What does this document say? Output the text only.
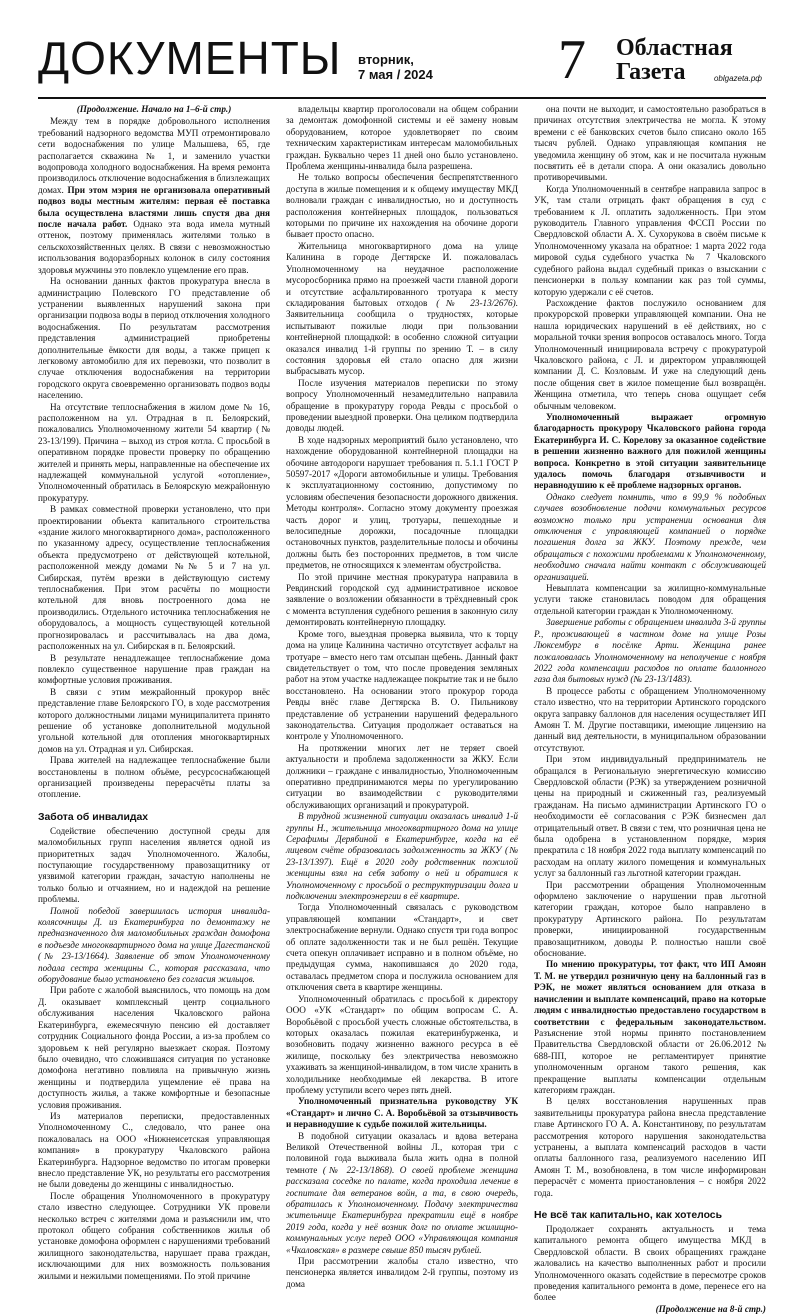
ДОКУМЕНТЫ вторник,
7 мая / 2024 7 Областная
Газета	oblgazeta.рф

(Продолжение. Начало на 1–6-й стр.)

Между тем в порядке добровольного исполнения требований надзорного ведомства МУП отремонтировало сети водоснабжения по улице Малышева, 65, где располагается скважина № 1, и заменило участки водопровода холодного водоснабжения. На время ремонта производилось отключение водоснабжения в близлежащих домах. При этом мэрия не организовала оперативный подвоз воды местным жителям: первая её поставка была осуществлена властями лишь спустя два дня после начала работ. Однако эта вода имела мутный оттенок, поэтому применялась жителями только в сельскохозяйственных целях. В связи с невозможностью использования водоразборных колонок в силу состояния здоровья мужчины это повлекло ущемление его прав.

На основании данных фактов прокуратура внесла в администрацию Полевского ГО представление об устранении выявленных нарушений закона при организации подвоза воды в период отключения холодного водоснабжения. По результатам рассмотрения представления администрацией приобретены дополнительные ёмкости для воды, а также прицеп к легковому автомобилю для их перевозки, что позволит в случае отключения водоснабжения на территории городского округа своевременно организовать подвоз воды населению.

На отсутствие теплоснабжения в жилом доме № 16, расположенном на ул. Отрадная в п. Белоярский, пожаловались Уполномоченному жители 54 квартир (№ 23-13/199). Причина – выход из строя котла. С просьбой в оперативном порядке провести проверку по обращению жителей и принять меры, направленные на обеспечение их надлежащей коммунальной услугой «отопление», Уполномоченный обратилась в Белоярскую межрайонную прокуратуру.

В рамках совместной проверки установлено, что при проектировании объекта капитального строительства «здание жилого многоквартирного дома», расположенного по указанному адресу, осуществление теплоснабжения объекта предусмотрено от действующей котельной, расположенной между домами №№ 5 и 7 на ул. Сибирская, путём врезки в действующую систему теплоснабжения. При этом расчёты по мощности котельной для вновь построенного дома не производились. Отдельного источника теплоснабжения не оборудовалось, а мощность существующей котельной прогнозировалась и рассчитывалась на два дома, расположенных на ул. Сибирская в п. Белоярский.

В результате ненадлежащее теплоснабжение дома повлекло существенное нарушение прав граждан на комфортные условия проживания.

В связи с этим межрайонный прокурор внёс представление главе Белоярского ГО, в ходе рассмотрения которого должностными лицами муниципалитета принято решение об установке дополнительной модульной угольной котельной для отопления многоквартирных домов на ул. Отрадная и ул. Сибирская.

Права жителей на надлежащее теплоснабжение были восстановлены в полном объёме, ресурсоснабжающей организацией произведены перерасчёты платы за отопление.

Забота об инвалидах

Содействие обеспечению доступной среды для маломобильных групп населения является одной из приоритетных задач Уполномоченного. Жалобы, поступающие государственному правозащитнику от уязвимой категории граждан, зачастую наполнены не только болью и отчаянием, но и надеждой на решение проблемы.

Полной победой завершилась история инвалида-колясочницы Д. из Екатеринбурга по демонтажу не предназначенного для маломобильных граждан домофона в подъезде многоквартирного дома на улице Дагестанской (№ 23-13/1664). Заявление об этом Уполномоченному подала сестра женщины С., которая рассказала, что оборудование было установлено без согласия жильцов.

При работе с жалобой выяснилось, что помощь на дом Д. оказывает комплексный центр социального обслуживания населения Чкаловского района Екатеринбурга, ежемесячную пенсию ей доставляет сотрудник Социального фонда России, а из-за проблем со здоровьем к ней регулярно выезжает скорая. Поэтому было очевидно, что сложившаяся ситуация по установке домофона негативно повлияла на привычную жизнь женщины и подтвердила ущемление её права на доступность жилья, а также комфортные и безопасные условия проживания.

Из материалов переписки, предоставленных Уполномоченному С., следовало, что ранее она пожаловалась на ООО «Нижнеисетская управляющая компания» в прокуратуру Чкаловского района Екатеринбурга. Надзорное ведомство по итогам проверки внесло представление УК, но результаты его рассмотрения не были доведены до женщины с инвалидностью.

После обращения Уполномоченного в прокуратуру стало известно следующее. Сотрудники УК провели несколько встреч с жителями дома и разъяснили им, что протокол общего собрания собственников жилья об установке домофона оформлен с нарушениями требований жилищного законодательства, нарушает права граждан, исключающими для них возможность пользования жилыми и нежилыми помещениями. По этой причине

владельцы квартир проголосовали на общем собрании за демонтаж домофонной системы и её замену новым оборудованием, которое удовлетворяет по своим техническим характеристикам интересам маломобильных граждан. Буквально через 11 дней оно было установлено. Проблема женщины-инвалида была разрешена.

Не только вопросы обеспечения беспрепятственного доступа в жилые помещения и к общему имуществу МКД волновали граждан с инвалидностью, но и доступность расположения контейнерных площадок, пользоваться которыми по причине их нахождения на обочине дороги бывает просто опасно.

Жительница многоквартирного дома на улице Калинина в городе Дегтярске И. пожаловалась Уполномоченному на неудачное расположение мусоросборника прямо на проезжей части главной дороги и отсутствие асфальтированного тротуара к месту складирования бытовых отходов (№ 23-13/2676). Заявительница сообщила о трудностях, которые испытывают пожилые люди при пользовании контейнерной площадкой: в особенно сложной ситуации оказался инвалид 1-й группы по зрению Т. – в силу состояния здоровья ей стало опасно для жизни выбрасывать мусор.

После изучения материалов переписки по этому вопросу Уполномоченный незамедлительно направила обращение в прокуратуру города Ревды с просьбой о проведении выездной проверки. Она целиком подтвердила доводы людей.

В ходе надзорных мероприятий было установлено, что нахождение оборудованной контейнерной площадки на обочине автодороги нарушает требования п. 5.1.1 ГОСТ Р 50597-2017 «Дороги автомобильные и улицы. Требования к эксплуатационному состоянию, допустимому по условиям обеспечения безопасности дорожного движения. Методы контроля». Согласно этому документу проезжая часть дорог и улиц, тротуары, пешеходные и велосипедные дорожки, посадочные площадки остановочных пунктов, разделительные полосы и обочины должны быть без посторонних предметов, в том числе предметов, не относящихся к элементам обустройства.

По этой причине местная прокуратура направила в Ревдинский городской суд административное исковое заявление о возложении обязанности в трёхдневный срок с момента вступления судебного решения в законную силу демонтировать контейнерную площадку.

Кроме того, выездная проверка выявила, что к торцу дома на улице Калинина частично отсутствует асфальт на тротуаре – вместо него там отсыпан щебень. Данный факт свидетельствует о том, что после проведения земляных работ на этом участке надлежащее покрытие так и не было восстановлено. На основании этого прокурор города Ревды внёс главе Дегтярска В. О. Пильникову представление об устранении нарушений федерального законодательства. Ситуация продолжает оставаться на контроле у Уполномоченного.

На протяжении многих лет не теряет своей актуальности и проблема задолженности за ЖКУ. Если должники – граждане с инвалидностью, Уполномоченным оперативно предпринимаются меры по урегулированию ситуации во взаимодействии с руководителями обслуживающих организаций и прокуратурой.

В трудной жизненной ситуации оказалась инвалид 1-й группы Н., жительница многоквартирного дома на улице Серафимы Дерябиной в Екатеринбурге, когда на её лицевом счёте образовалась задолженность за ЖКУ (№ 23-13/1397). Ещё в 2020 году родственник пожилой женщины взял на себя заботу о ней и обратился к Уполномоченному с просьбой о реструктуризации долга и подключении электроэнергии в её квартире.

Тогда Уполномоченный связалась с руководством управляющей компании «Стандарт», и свет электроснабжение вернули. Однако спустя три года вопрос об оплате задолженности так и не был решён. Текущие счета опекун оплачивает исправно и в полном объёме, но предыдущая сумма, накопившаяся до 2020 года, оставалась предметом спора и послужила основанием для отключения света в квартире женщины.

Уполномоченный обратилась с просьбой к директору ООО «УК «Стандарт» по общим вопросам С. А. Воробьёвой с просьбой учесть сложные обстоятельства, в которых оказалась пожилая екатеринбурженка, и возобновить подачу жизненно важного ресурса в её жилище, поскольку без электричества невозможно ухаживать за женщиной-инвалидом, в том числе хранить в холодильнике необходимые ей лекарства. В итоге проблему уступили всего через пять дней.

Уполномоченный признательна руководству УК «Стандарт» и лично С. А. Воробьёвой за отзывчивость и неравнодушие к судьбе пожилой жительницы.

В подобной ситуации оказалась и вдова ветерана Великой Отечественной войны Л., которая три с половиной года выживала была жить одна в полной темноте (№ 22-13/1868). О своей проблеме женщина рассказала соседке по палате, когда проходила лечение в госпитале для ветеранов войн, а та, в свою очередь, обратилась к Уполномоченному. Подачу электричества жительнице Екатеринбурга прекратили ещё в ноябре 2019 года, когда у неё возник долг по оплате жилищно-коммунальных услуг перед ООО «Управляющая компания «Чкаловская» в размере свыше 850 тысяч рублей.

При рассмотрении жалобы стало известно, что пенсионерка является инвалидом 2-й группы, поэтому из дома

она почти не выходит, и самостоятельно разобраться в причинах отсутствия электричества не могла. К этому времени с её банковских счетов было списано около 165 тысяч рублей. Однако управляющая компания не уведомила женщину об этом, как и не посчитала нужным посвятить её в детали спора. А они оказались довольно противоречивыми.

Когда Уполномоченный в сентябре направила запрос в УК, там стали отрицать факт обращения в суд с требованием к Л. оплатить задолженность. При этом руководитель Главного управления ФССП России по Свердловской области А. Х. Сухорукова в своём письме к Уполномоченному указала на обратное: 1 марта 2022 года мировой судья судебного участка № 7 Чкаловского судебного района выдал судебный приказ о взыскании с пенсионерки в пользу компании как раз той суммы, которую удержали с её счетов.

Расхождение фактов послужило основанием для прокурорской проверки управляющей компании. Она не нашла юридических нарушений в её действиях, но с моральной точки зрения вопросов оставалось много. Тогда Уполномоченный инициировала встречу с прокуратурой Чкаловского района, с Л. и директором управляющей компании Д. С. Козловым. И уже на следующий день после общения свет в жилое помещение был возвращён. Женщина отметила, что теперь снова ощущает себя обычным человеком.

Уполномоченный выражает огромную благодарность прокурору Чкаловского района города Екатеринбурга И. С. Кореловy за оказанное содействие в решении жизненно важного для пожилой женщины вопроса. Конкретно в этой ситуации заявительнице удалось помочь благодаря отзывчивости и неравнодушию к её проблеме надзорных органов.

Однако следует помнить, что в 99,9 % подобных случаев возобновление подачи коммунальных ресурсов возможно только при устранении основания для отключения с управляющей компанией о порядке погашения долга за ЖКУ. Поэтому прежде, чем обращаться с похожими проблемами к Уполномоченному, необходимо сначала найти контакт с обслуживающей организацией.

Невыплата компенсации за жилищно-коммунальные услуги также становилась поводом для обращения отдельной категории граждан к Уполномоченному.

Завершение работы с обращением инвалида 3-й группы Р., проживающей в частном доме на улице Розы Люксембург в посёлке Арти. Женщина ранее пожаловалась Уполномоченному на неполучение с ноября 2022 года компенсации расходов по оплате баллонного газа для бытовых нужд (№ 23-13/1483).

В процессе работы с обращением Уполномоченному стало известно, что на территории Артинского городского округа заправку баллонов для населения осуществляет ИП Амоян Т. М. Другие поставщики, имеющие лицензию на данный вид деятельности, в муниципальном образовании отсутствуют.

При этом индивидуальный предприниматель не обращался в Региональную энергетическую комиссию Свердловской области (РЭК) за утверждением розничной цены на природный и сжиженный газ, реализуемый гражданам. На письмо администрации Артинского ГО о необходимости её согласования с РЭК бизнесмен дал отрицательный ответ. В связи с тем, что розничная цена не была одобрена в установленном порядке, мэрия прекратила с 18 ноября 2022 года выплату компенсаций по расходам на оплату жилого помещения и коммунальных услуг за баллонный газ льготной категории граждан.

При рассмотрении обращения Уполномоченным оформлено заключение о нарушении прав льготной категории граждан, которое было направлено в прокуратуру Артинского района. По результатам проверки, инициированной государственным правозащитником, доводы Р. полностью нашли своё обоснование.

По мнению прокуратуры, тот факт, что ИП Амоян Т. М. не утвердил розничную цену на баллонный газ в РЭК, не может являться основанием для отказа в начислении и выплате компенсаций, право на которые людям с инвалидностью предоставлено государством в соответствии с федеральным законодательством. Разъяснение этой нормы принято постановлением Правительства Свердловской области от 26.06.2012 № 688-ПП, которое не регламентирует принятие уполномоченным органом такого решения, как прекращение выплаты компенсации отдельным категориям граждан.

В целях восстановления нарушенных прав заявительницы прокуратура района внесла представление главе Артинского ГО А. А. Константинову, по результатам рассмотрения которого нарушения законодательства устранены, а выплата компенсаций расходов в части оплаты баллонного газа, реализуемого населению ИП Амоян Т. М., возобновлена, в том числе информирован перерасчёт с момента приостановления – с ноября 2022 года.

Не всё так капитально, как хотелось

Продолжает сохранять актуальность и тема капитального ремонта общего имущества МКД в Свердловской области. В своих обращениях граждане жаловались на качество выполненных работ и просили Уполномоченного оказать содействие в пересмотре сроков проведения капитального ремонта в доме, перенесе его на более

(Продолжение на 8-й стр.)
